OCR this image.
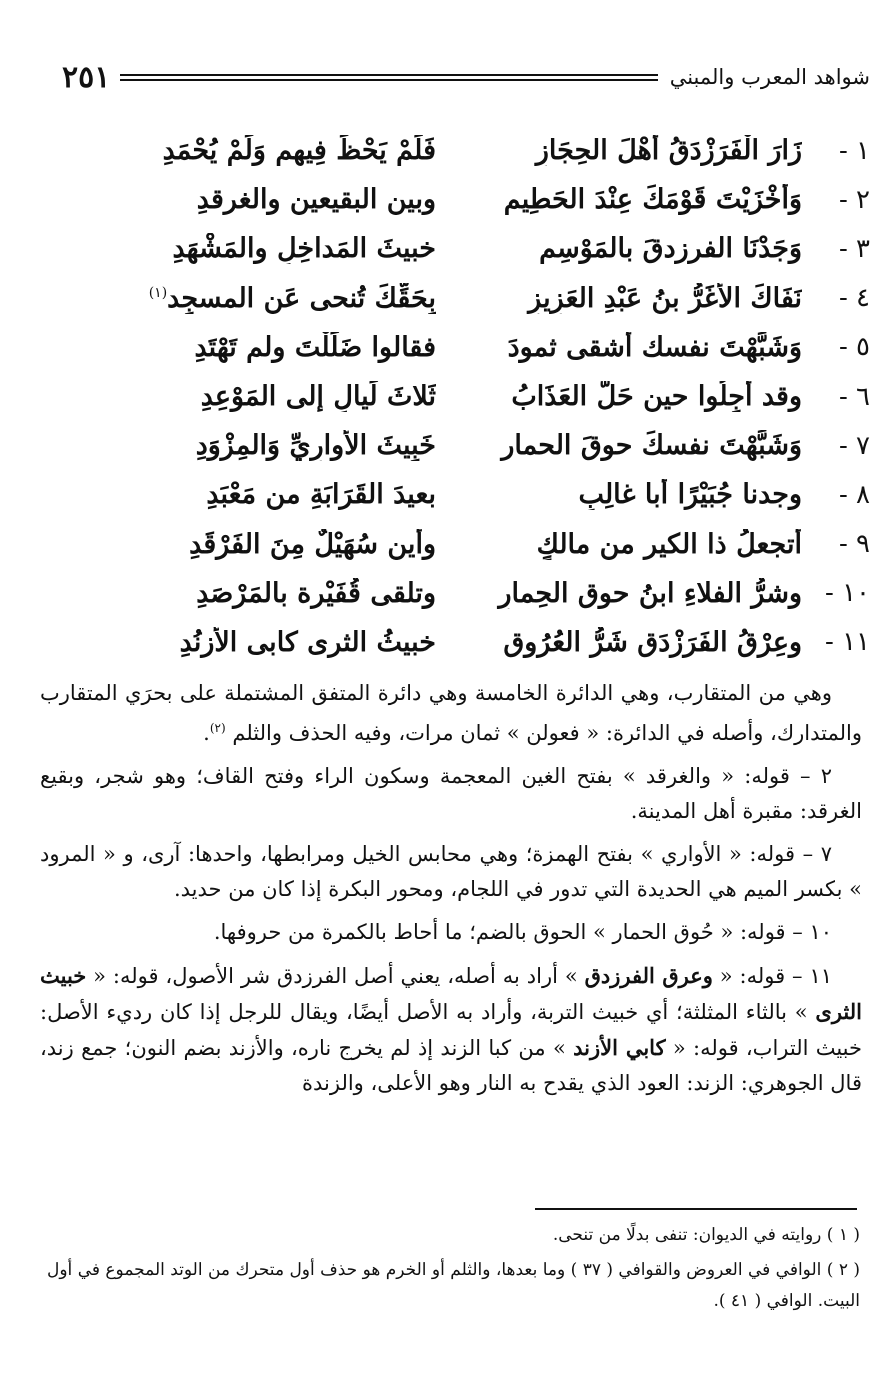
٢٥١	شواهد المعرب والمبني
١ -
زَارَ الْفَرَزْدَقُ أَهْلَ الحِجَازِ
فَلَمْ يَحْظَ فِيهِم وَلَمْ يُحْمَدِ
٢ -
وَأَخْزَيْتَ قَوْمَكَ عِنْدَ الحَطِيمِ
وبين البقيعين والغرقدِ
٣ -
وَجَدْنَا الفرزدقَ بالمَوْسِمِ
خبيثَ المَداخِلِ والمَشْهَدِ
٤ -
نَفَاكَ الأَغَرُّ بنُ عَبْدِ العَزِيزِ
بِحَقِّكَ تُنحى عَن المسجِد$^{(١)}$
٥ -
وَشَبَّهْتَ نفسك أشقى ثمودَ
فقالوا ضَلَلْتَ ولم تَهْتَدِ
٦ -
وقد أُجِلُوا حين حَلّ العَذَابُ
ثَلاثَ لَيالٍ إلى المَوْعِدِ
٧ -
وَشَبَّهْتَ نفسكَ حوقَ الحمار
خَبِيثَ الأَوارِيِّ وَالمِزْوَدِ
٨ -
وجدنا جُبَيْرًا أبا غالِبِ
بعيدَ القَرَابَةِ من مَعْبَدِ
٩ -
أتجعلُ ذا الكير من مالكٍ
وأين سُهَيْلٌ مِنَ الفَرْقَدِ
١٠ -
وشرُّ الفلاءِ ابنُ حوقِ الحِمارِ
وتلقى قُفَيْرة بالمَرْصَدِ
١١ -
وعِرْقُ الفَرَزْدَقِ شَرُّ العُرُوقِ
خبيثُ الثرى كابى الأزنُدِ

وهي من المتقارب، وهي الدائرة الخامسة وهي دائرة المتفق المشتملة على بحرَي المتقارب والمتدارك، وأصله في الدائرة: « فعولن » ثمان مرات، وفيه الحذف والثلم $^{(٢)}$.

٢ – قوله: « والغرقد » بفتح الغين المعجمة وسكون الراء وفتح القاف؛ وهو شجر، وبقيع الغرقد: مقبرة أهل المدينة.

٧ – قوله: « الأواري » بفتح الهمزة؛ وهي محابس الخيل ومرابطها، واحدها: آرى، و « المرود » بكسر الميم هي الحديدة التي تدور في اللجام، ومحور البكرة إذا كان من حديد.

١٠ – قوله: « حُوق الحمار » الحوق بالضم؛ ما أحاط بالكمرة من حروفها.

١١ – قوله: « وعرق الفرزدق » أراد به أصله، يعني أصل الفرزدق شر الأصول، قوله: « خبيث الثرى » بالثاء المثلثة؛ أي خبيث التربة، وأراد به الأصل أيضًا، ويقال للرجل إذا كان رديء الأصل: خبيث التراب، قوله: « كابي الأزند » من كبا الزند إذ لم يخرج ناره، والأزند بضم النون؛ جمع زند، قال الجوهري: الزند: العود الذي يقدح به النار وهو الأعلى، والزندة

( ١ ) روايته في الديوان: تنفى بدلًا من تنحى.

( ٢ ) الوافي في العروض والقوافي ( ٣٧ ) وما بعدها، والثلم أو الخرم هو حذف أول متحرك من الوتد المجموع في أول البيت. الوافي ( ٤١ ).
